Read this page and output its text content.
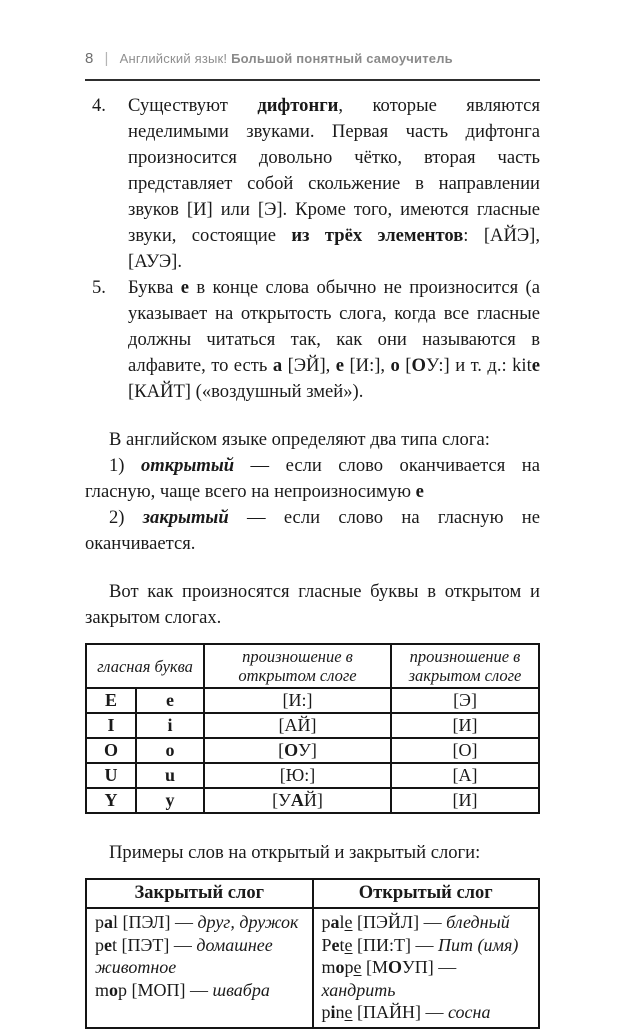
8 | Английский язык! Большой понятный самоучитель
4.	Существуют дифтонги, которые являются неделимыми звуками. Первая часть дифтонга произносится довольно чётко, вторая часть представляет собой скольжение в направлении звуков [И] или [Э]. Кроме того, имеются гласные звуки, состоящие из трёх элементов: [АЙЭ], [АУЭ].
5.	Буква е в конце слова обычно не произносится (а указывает на открытость слога, когда все гласные должны читаться так, как они называются в алфавите, то есть а [ЭЙ], е [И:], о [ОУ:] и т. д.: kitе [КАЙТ] («воздушный змей»).
В английском языке определяют два типа слога:
1) открытый — если слово оканчивается на гласную, чаще всего на непроизносимую е
2) закрытый — если слово на гласную не оканчивается.
Вот как произносятся гласные буквы в открытом и закрытом слогах.
гласная буква		произношение в открытом слоге	произношение в закрытом слоге
E	e	[И:]	[Э]
I	i	[АЙ]	[И]
O	o	[ОУ]	[О]
U	u	[Ю:]	[А]
Y	y	[УАЙ]	[И]
Примеры слов на открытый и закрытый слоги:
Закрытый слог	Открытый слог

pal [ПЭЛ] — друг, дружок
pet [ПЭТ] — домашнее животное
mop [МОП] — швабра

pale [ПЭЙЛ] — бледный
Pete [ПИ:Т] — Пит (имя)
mope [МОУП] — хандрить
pine [ПАЙН] — сосна
